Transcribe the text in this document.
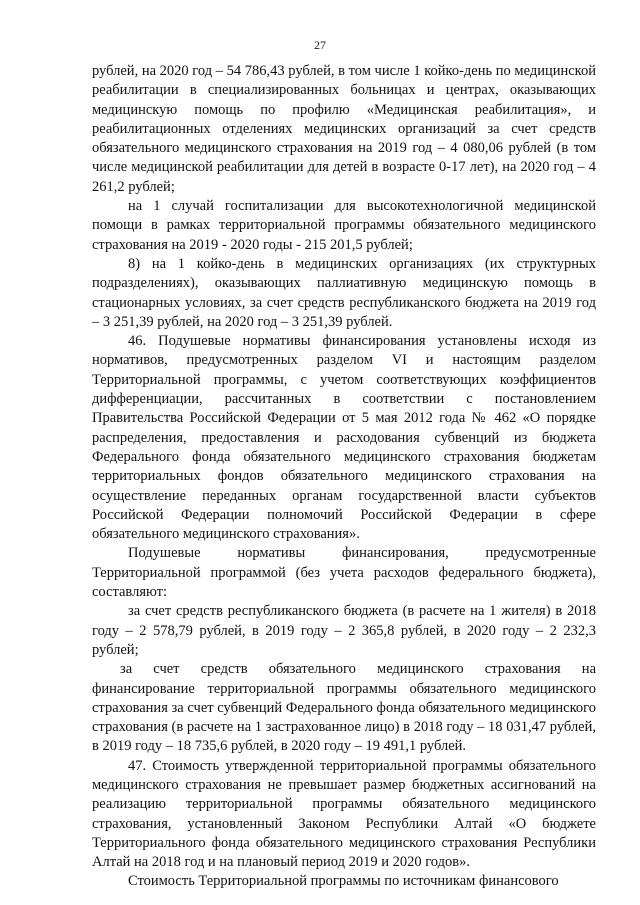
27

рублей, на 2020 год – 54 786,43 рублей, в том числе 1 койко-день по медицинской реабилитации в специализированных больницах и центрах, оказывающих медицинскую помощь по профилю «Медицинская реабилитация», и реабилитационных отделениях медицинских организаций за счет средств обязательного медицинского страхования на 2019 год – 4 080,06 рублей (в том числе медицинской реабилитации для детей в возрасте 0-17 лет), на 2020 год – 4 261,2 рублей;

на 1 случай госпитализации для высокотехнологичной медицинской помощи в рамках территориальной программы обязательного медицинского страхования на 2019 - 2020 годы - 215 201,5 рублей;

8) на 1 койко-день в медицинских организациях (их структурных подразделениях), оказывающих паллиативную медицинскую помощь в стационарных условиях, за счет средств республиканского бюджета на 2019 год – 3 251,39 рублей, на 2020 год – 3 251,39 рублей.

46. Подушевые нормативы финансирования установлены исходя из нормативов, предусмотренных разделом VI и настоящим разделом Территориальной программы, с учетом соответствующих коэффициентов дифференциации, рассчитанных в соответствии с постановлением Правительства Российской Федерации от 5 мая 2012 года № 462 «О порядке распределения, предоставления и расходования субвенций из бюджета Федерального фонда обязательного медицинского страхования бюджетам территориальных фондов обязательного медицинского страхования на осуществление переданных органам государственной власти субъектов Российской Федерации полномочий Российской Федерации в сфере обязательного медицинского страхования».

Подушевые нормативы финансирования, предусмотренные Территориальной программой (без учета расходов федерального бюджета), составляют:

за счет средств республиканского бюджета (в расчете на 1 жителя) в 2018 году – 2 578,79 рублей, в 2019 году – 2 365,8 рублей, в 2020 году – 2 232,3 рублей;

за счет средств обязательного медицинского страхования на финансирование территориальной программы обязательного медицинского страхования за счет субвенций Федерального фонда обязательного медицинского страхования (в расчете на 1 застрахованное лицо) в 2018 году – 18 031,47 рублей, в 2019 году – 18 735,6 рублей, в 2020 году – 19 491,1 рублей.

47. Стоимость утвержденной территориальной программы обязательного медицинского страхования не превышает размер бюджетных ассигнований на реализацию территориальной программы обязательного медицинского страхования, установленный Законом Республики Алтай «О бюджете Территориального фонда обязательного медицинского страхования Республики Алтай на 2018 год и на плановый период 2019 и 2020 годов».

Стоимость Территориальной программы по источникам финансового
